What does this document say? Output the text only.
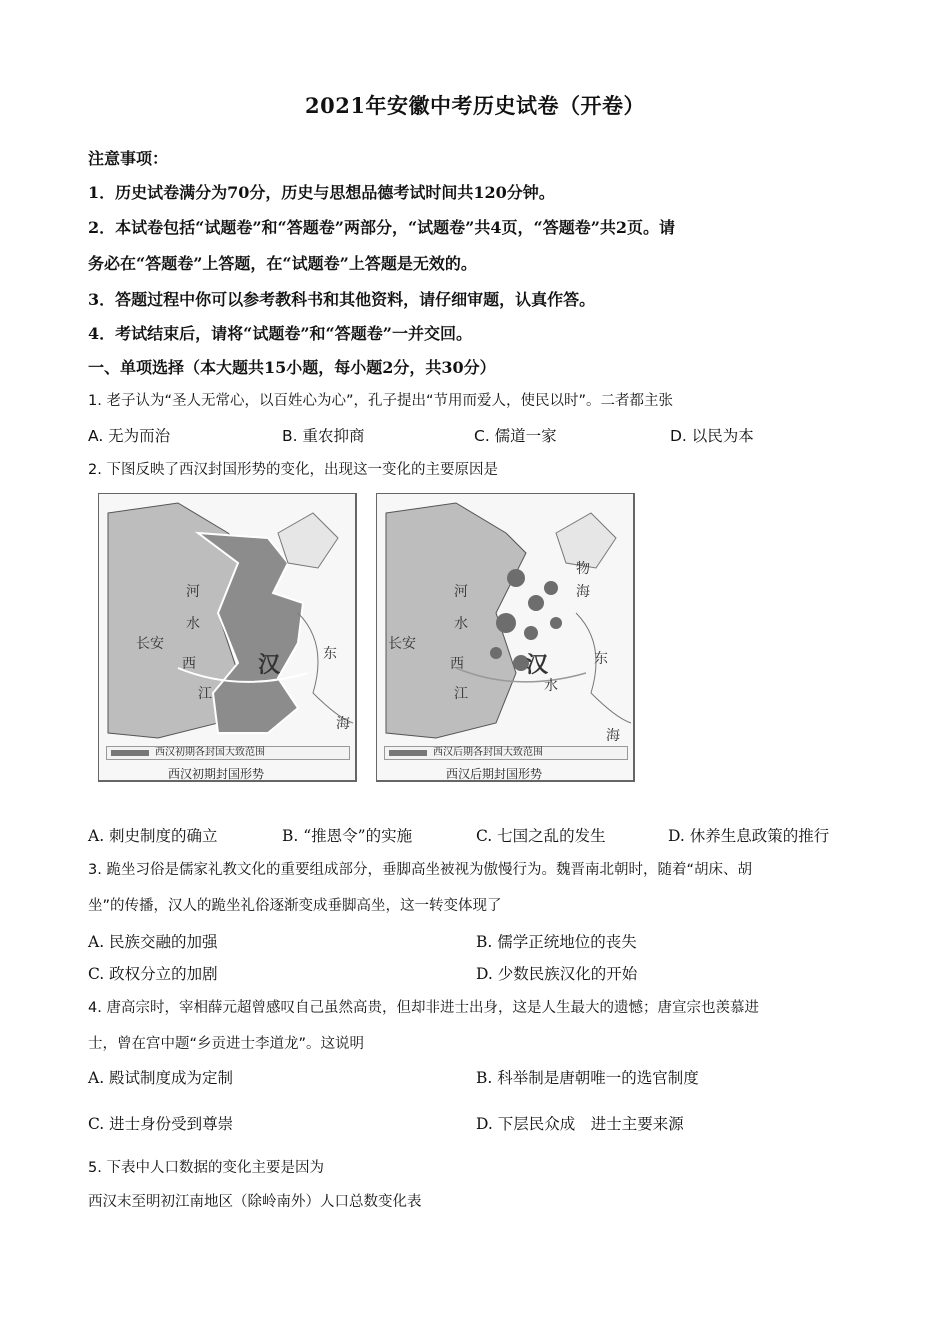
2021年安徽中考历史试卷（开卷）
注意事项：
1．历史试卷满分为70分，历史与思想品德考试时间共120分钟。
2．本试卷包括“试题卷”和“答题卷”两部分，“试题卷”共4页，“答题卷”共2页。请
务必在“答题卷”上答题，在“试题卷”上答题是无效的。
3．答题过程中你可以参考教科书和其他资料，请仔细审题，认真作答。
4．考试结束后，请将“试题卷”和“答题卷”一并交回。
一、单项选择（本大题共15小题，每小题2分，共30分）
1. 老子认为“圣人无常心，以百姓心为心”，孔子提出“节用而爱人，使民以时”。二者都主张
A. 无为而治	B. 重农抑商	C. 儒道一家	D. 以民为本
2. 下图反映了西汉封国形势的变化，出现这一变化的主要原因是
长安
西
河
水
汉
江
东
海
西汉初期各封国大致范围
西汉初期封国形势
物
海
河
水
长安
西	汉
江
东
水
海
西汉后期各封国大致范围
西汉后期封国形势
A. 刺史制度的确立	B. “推恩令”的实施	C. 七国之乱的发生	D. 休养生息政策的推行
3. 跪坐习俗是儒家礼教文化的重要组成部分，垂脚高坐被视为傲慢行为。魏晋南北朝时，随着“胡床、胡
坐”的传播，汉人的跪坐礼俗逐渐变成垂脚高坐，这一转变体现了
A. 民族交融的加强	B. 儒学正统地位的丧失
C. 政权分立的加剧	D. 少数民族汉化的开始
4. 唐高宗时，宰相薛元超曾感叹自己虽然高贵，但却非进士出身，这是人生最大的遗憾；唐宣宗也羡慕进
士，曾在宫中题“乡贡进士李道龙”。这说明
A. 殿试制度成为定制	B. 科举制是唐朝唯一的选官制度
C. 进士身份受到尊崇	D. 下层民众成　进士主要来源
5. 下表中人口数据的变化主要是因为
西汉末至明初江南地区（除岭南外）人口总数变化表
